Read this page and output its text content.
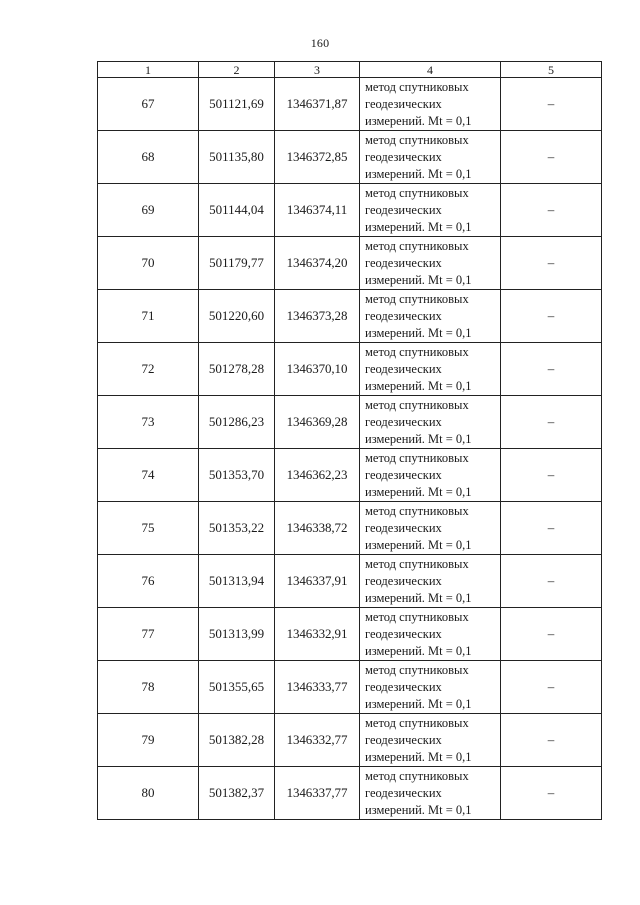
160
1	2	3	4	5
67	501121,69	1346371,87	метод спутниковых
геодезических
измерений. Mt = 0,1	–
68	501135,80	1346372,85	метод спутниковых
геодезических
измерений. Mt = 0,1	–
69	501144,04	1346374,11	метод спутниковых
геодезических
измерений. Mt = 0,1	–
70	501179,77	1346374,20	метод спутниковых
геодезических
измерений. Mt = 0,1	–
71	501220,60	1346373,28	метод спутниковых
геодезических
измерений. Mt = 0,1	–
72	501278,28	1346370,10	метод спутниковых
геодезических
измерений. Mt = 0,1	–
73	501286,23	1346369,28	метод спутниковых
геодезических
измерений. Mt = 0,1	–
74	501353,70	1346362,23	метод спутниковых
геодезических
измерений. Mt = 0,1	–
75	501353,22	1346338,72	метод спутниковых
геодезических
измерений. Mt = 0,1	–
76	501313,94	1346337,91	метод спутниковых
геодезических
измерений. Mt = 0,1	–
77	501313,99	1346332,91	метод спутниковых
геодезических
измерений. Mt = 0,1	–
78	501355,65	1346333,77	метод спутниковых
геодезических
измерений. Mt = 0,1	–
79	501382,28	1346332,77	метод спутниковых
геодезических
измерений. Mt = 0,1	–
80	501382,37	1346337,77	метод спутниковых
геодезических
измерений. Mt = 0,1	–
